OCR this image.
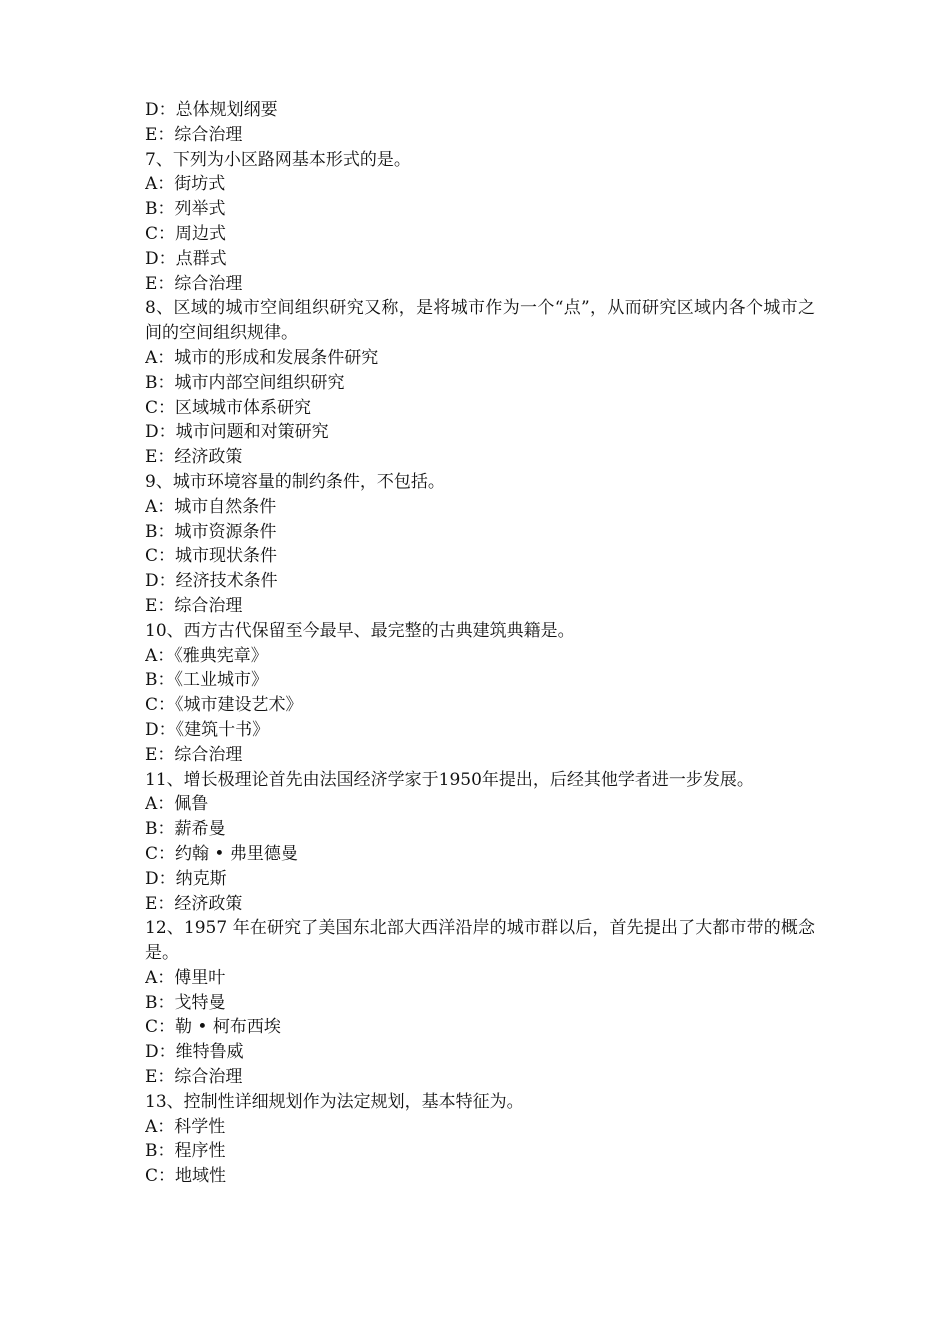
D：总体规划纲要
E：综合治理
7、下列为小区路网基本形式的是。
A：街坊式
B：列举式
C：周边式
D：点群式
E：综合治理
8、区域的城市空间组织研究又称，是将城市作为一个“点”，从而研究区域内各个城市之间的空间组织规律。
A：城市的形成和发展条件研究
B：城市内部空间组织研究
C：区域城市体系研究
D：城市问题和对策研究
E：经济政策
9、城市环境容量的制约条件，不包括。
A：城市自然条件
B：城市资源条件
C：城市现状条件
D：经济技术条件
E：综合治理
10、西方古代保留至今最早、最完整的古典建筑典籍是。
A：《雅典宪章》
B：《工业城市》
C：《城市建设艺术》
D：《建筑十书》
E：综合治理
11、增长极理论首先由法国经济学家于1950年提出，后经其他学者进一步发展。
A：佩鲁
B：薪希曼
C：约翰 • 弗里德曼
D：纳克斯
E：经济政策
12、1957 年在研究了美国东北部大西洋沿岸的城市群以后，首先提出了大都市带的概念是。
A：傅里叶
B：戈特曼
C：勒 • 柯布西埃
D：维特鲁威
E：综合治理
13、控制性详细规划作为法定规划，基本特征为。
A：科学性
B：程序性
C：地域性
